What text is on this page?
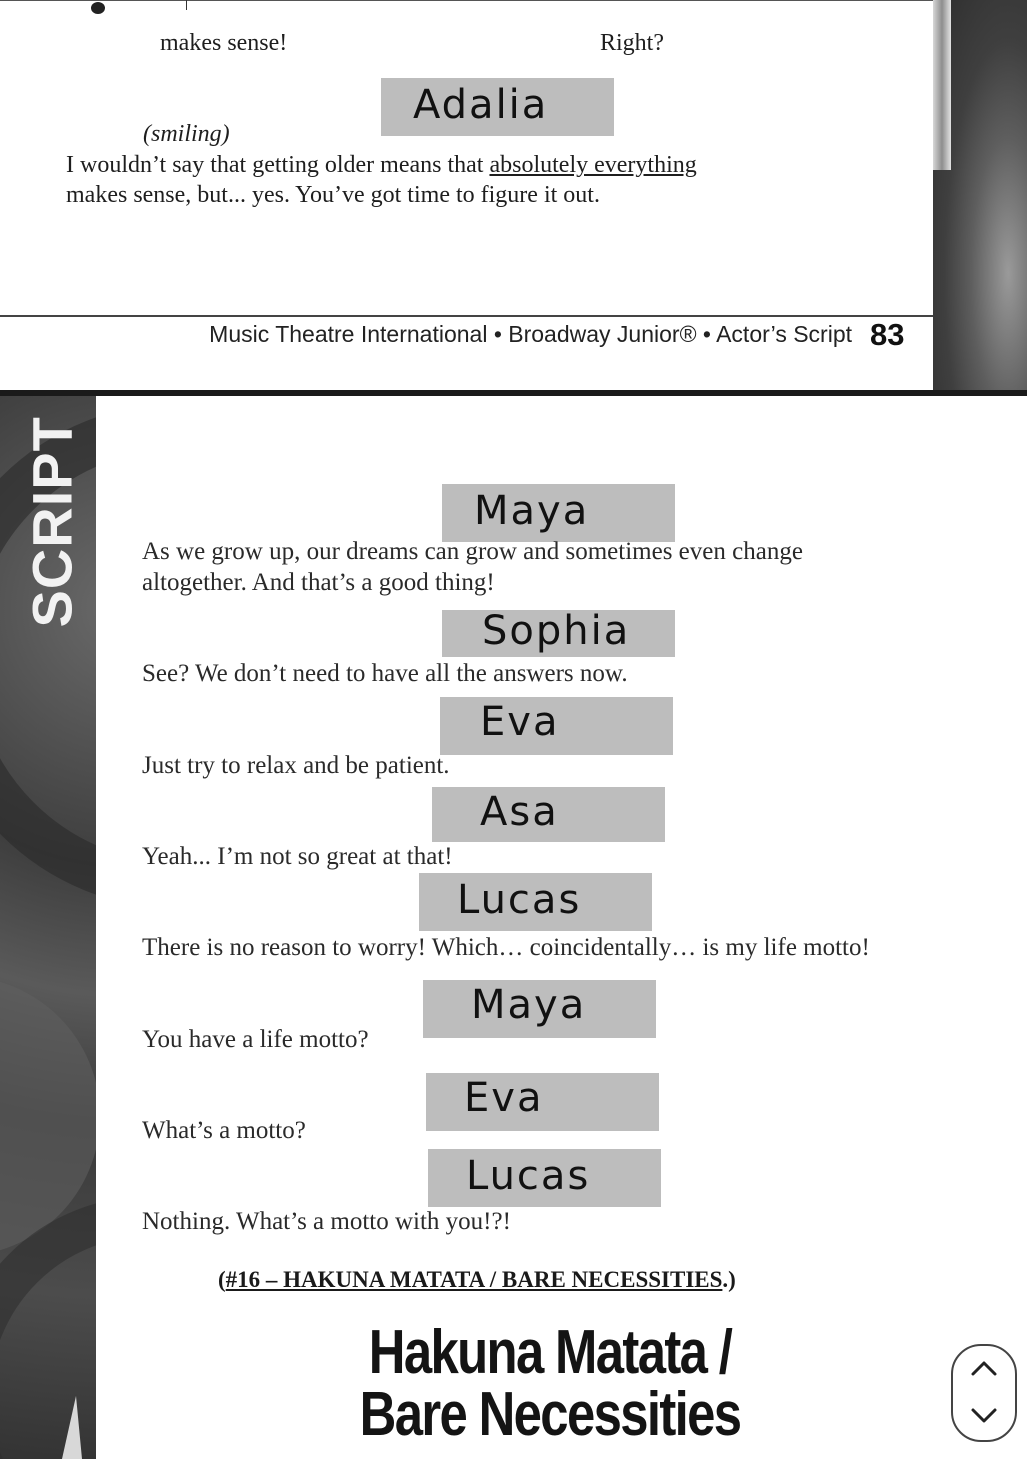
makes sense!	Right?
Adalia
(smiling)
I wouldn’t say that getting older means that absolutely everything
makes sense, but... yes. You’ve got time to figure it out.
Music Theatre International • Broadway Junior® • Actor’s Script 83
SCRIPT	Maya
As we grow up, our dreams can grow and sometimes even change
altogether. And that’s a good thing!
Sophia
See? We don’t need to have all the answers now.
Eva
Just try to relax and be patient.
Asa
Yeah... I’m not so great at that!
Lucas
There is no reason to worry! Which… coincidentally… is my life motto!
Maya
You have a life motto?
Eva
What’s a motto?
Lucas
Nothing. What’s a motto with you!?!
(#16 – HAKUNA MATATA / BARE NECESSITIES.)
Hakuna Matata /
Bare Necessities
